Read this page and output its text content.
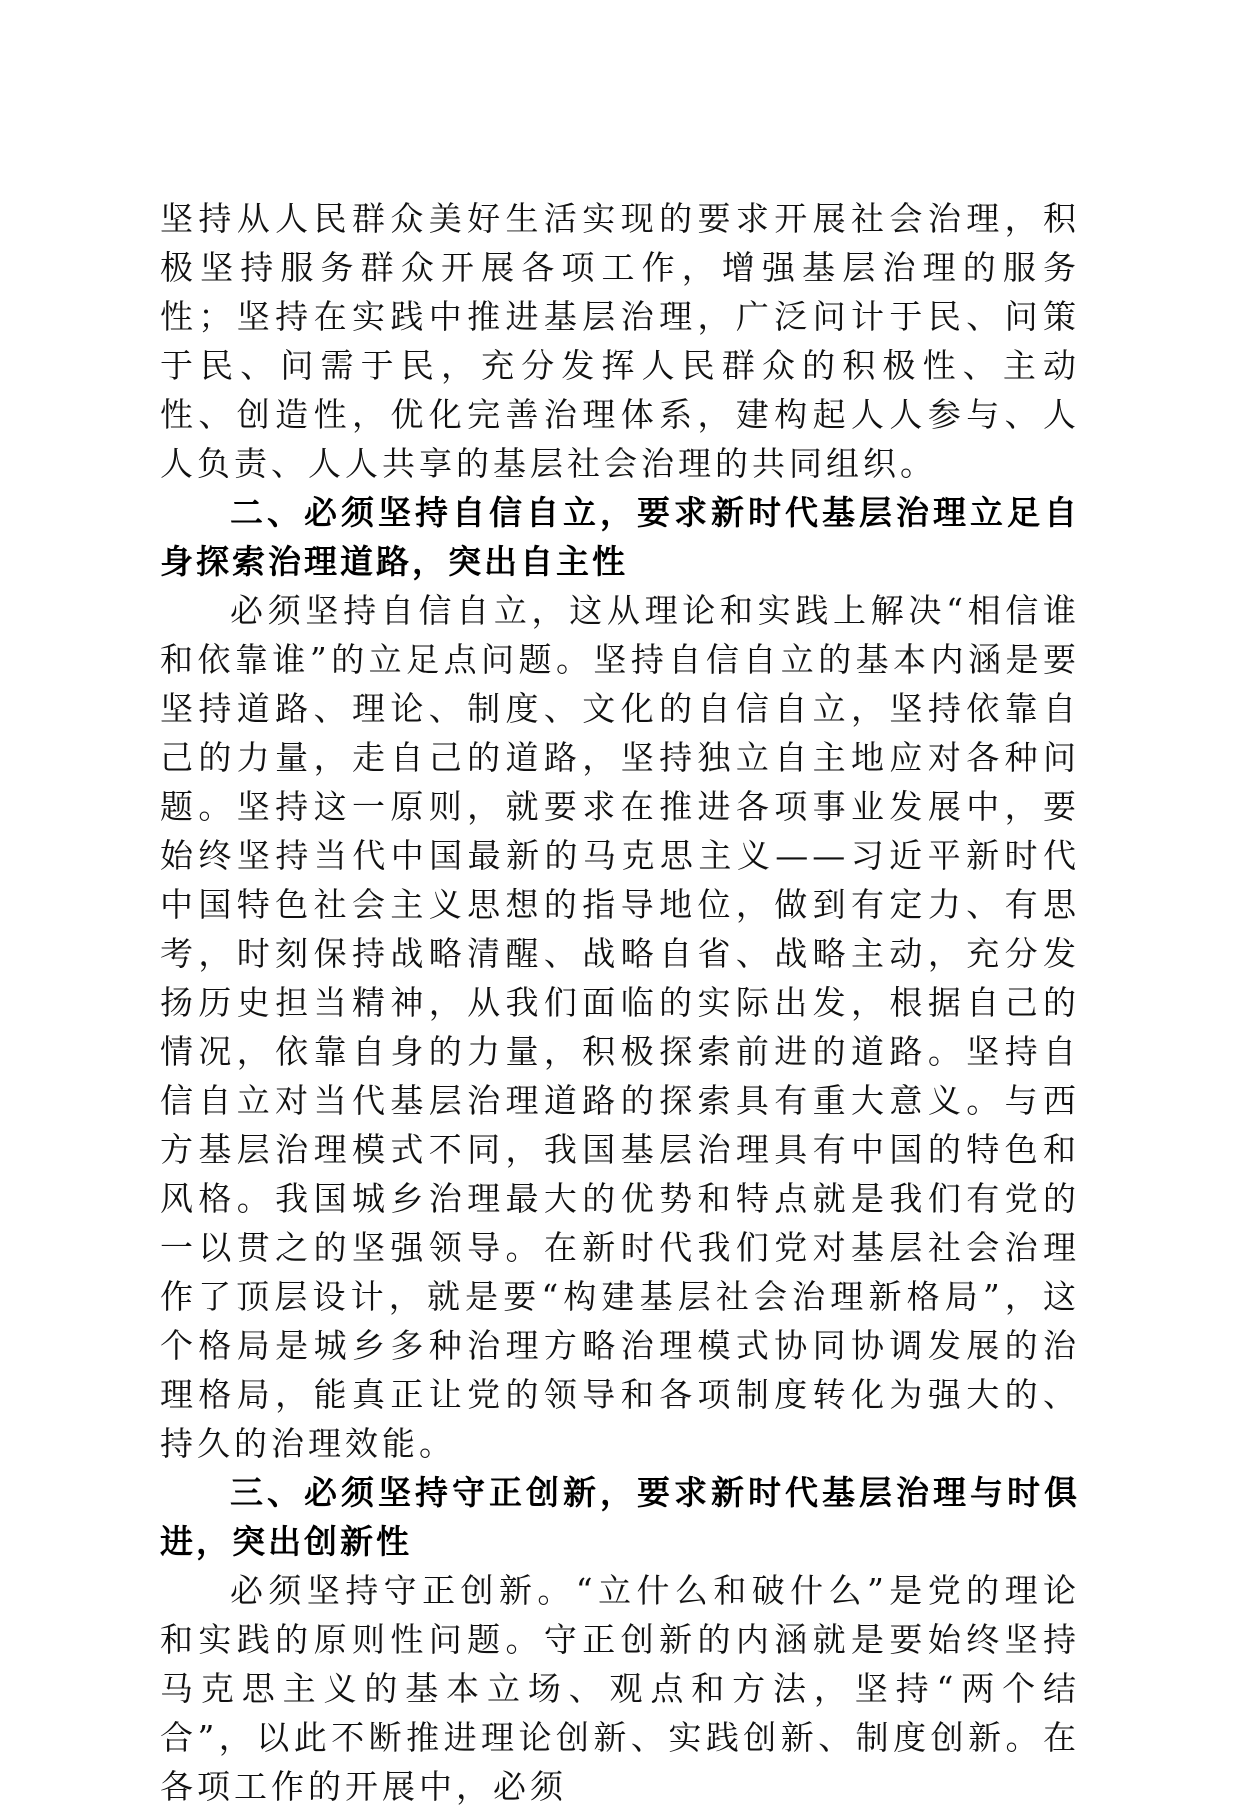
坚持从人民群众美好生活实现的要求开展社会治理，积极坚持服务群众开展各项工作，增强基层治理的服务性；坚持在实践中推进基层治理，广泛问计于民、问策于民、问需于民，充分发挥人民群众的积极性、主动性、创造性，优化完善治理体系，建构起人人参与、人人负责、人人共享的基层社会治理的共同组织。

二、必须坚持自信自立，要求新时代基层治理立足自身探索治理道路，突出自主性

必须坚持自信自立，这从理论和实践上解决“相信谁和依靠谁”的立足点问题。坚持自信自立的基本内涵是要坚持道路、理论、制度、文化的自信自立，坚持依靠自己的力量，走自己的道路，坚持独立自主地应对各种问题。坚持这一原则，就要求在推进各项事业发展中，要始终坚持当代中国最新的马克思主义——习近平新时代中国特色社会主义思想的指导地位，做到有定力、有思考，时刻保持战略清醒、战略自省、战略主动，充分发扬历史担当精神，从我们面临的实际出发，根据自己的情况，依靠自身的力量，积极探索前进的道路。坚持自信自立对当代基层治理道路的探索具有重大意义。与西方基层治理模式不同，我国基层治理具有中国的特色和风格。我国城乡治理最大的优势和特点就是我们有党的一以贯之的坚强领导。在新时代我们党对基层社会治理作了顶层设计，就是要“构建基层社会治理新格局”，这个格局是城乡多种治理方略治理模式协同协调发展的治理格局，能真正让党的领导和各项制度转化为强大的、持久的治理效能。

三、必须坚持守正创新，要求新时代基层治理与时俱进，突出创新性

必须坚持守正创新。“立什么和破什么”是党的理论和实践的原则性问题。守正创新的内涵就是要始终坚持马克思主义的基本立场、观点和方法，坚持“两个结合”，以此不断推进理论创新、实践创新、制度创新。在各项工作的开展中，必须
